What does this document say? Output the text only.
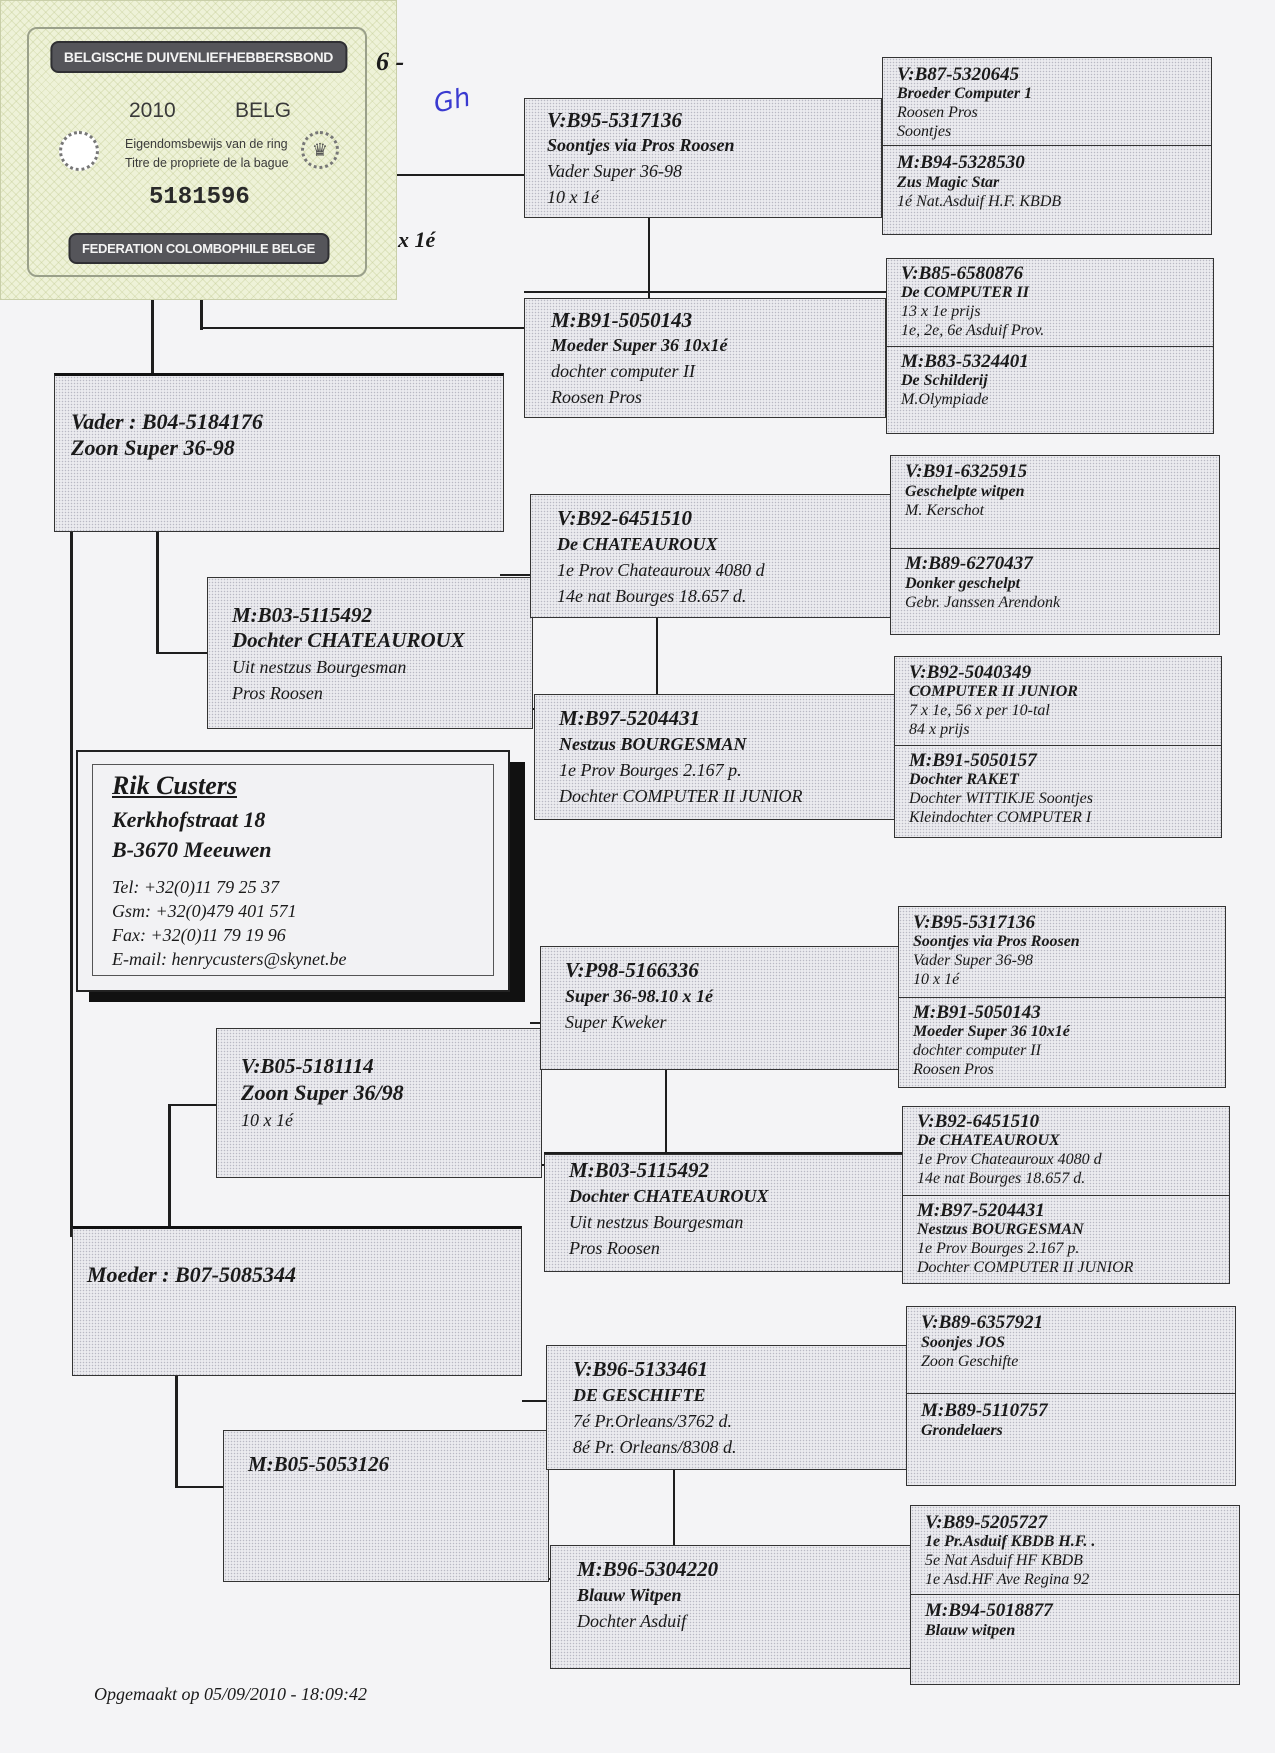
BELGISCHE DUIVENLIEFHEBBERSBOND
2010	BELG
♛
Eigendomsbewijs van de ring
Titre de propriete de la bague
5181596
FEDERATION COLOMBOPHILE BELGE
6 -
Gh
x 1é
Vader : B04-5184176
Zoon Super 36-98
M:B03-5115492
Dochter CHATEAUROUX
Uit nestzus Bourgesman
Pros Roosen
Rik Custers
Kerkhofstraat 18
B-3670 Meeuwen
Tel: +32(0)11 79 25 37
Gsm: +32(0)479 401 571
Fax: +32(0)11 79 19 96
E-mail: henrycusters@skynet.be
V:B05-5181114
Zoon Super 36/98
10 x 1é
Moeder : B07-5085344
M:B05-5053126
V:B95-5317136
Soontjes via Pros Roosen
Vader Super 36-98
10 x 1é
M:B91-5050143
Moeder Super 36 10x1é
dochter computer II
Roosen Pros
V:B92-6451510
De CHATEAUROUX
1e Prov Chateauroux 4080 d
14e nat Bourges 18.657 d.
M:B97-5204431
Nestzus BOURGESMAN
1e Prov Bourges 2.167 p.
Dochter COMPUTER II JUNIOR
V:P98-5166336
Super 36-98.10 x 1é
Super Kweker
M:B03-5115492
Dochter CHATEAUROUX
Uit nestzus Bourgesman
Pros Roosen
V:B96-5133461
DE GESCHIFTE
7é Pr.Orleans/3762 d.
8é Pr. Orleans/8308 d.
M:B96-5304220
Blauw Witpen
Dochter Asduif
V:B87-5320645
Broeder Computer 1
Roosen Pros
Soontjes
M:B94-5328530
Zus Magic Star
1é Nat.Asduif H.F. KBDB
V:B85-6580876
De COMPUTER II
13 x 1e prijs
1e, 2e, 6e Asduif Prov.
M:B83-5324401
De Schilderij
M.Olympiade
V:B91-6325915
Geschelpte witpen
M. Kerschot
M:B89-6270437
Donker geschelpt
Gebr. Janssen Arendonk
V:B92-5040349
COMPUTER II JUNIOR
7 x 1e, 56 x per 10-tal
84 x prijs
M:B91-5050157
Dochter RAKET
Dochter WITTIKJE Soontjes
Kleindochter COMPUTER I
V:B95-5317136
Soontjes via Pros Roosen
Vader Super 36-98
10 x 1é
M:B91-5050143
Moeder Super 36 10x1é
dochter computer II
Roosen Pros
V:B92-6451510
De CHATEAUROUX
1e Prov Chateauroux 4080 d
14e nat Bourges 18.657 d.
M:B97-5204431
Nestzus BOURGESMAN
1e Prov Bourges 2.167 p.
Dochter COMPUTER II JUNIOR
V:B89-6357921
Soonjes JOS
Zoon Geschifte
M:B89-5110757
Grondelaers
V:B89-5205727
1e Pr.Asduif KBDB H.F. .
5e Nat Asduif HF KBDB
1e Asd.HF Ave Regina 92
M:B94-5018877
Blauw witpen
Opgemaakt op 05/09/2010 - 18:09:42
